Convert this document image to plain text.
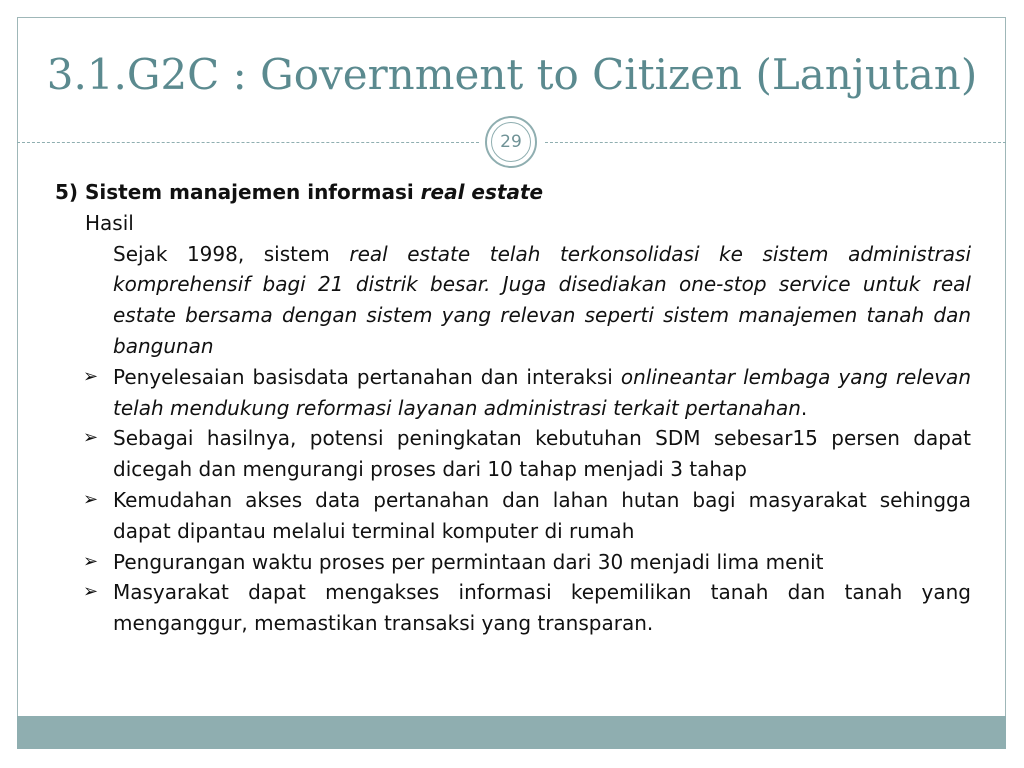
3.1.G2C : Government to Citizen (Lanjutan)
29
5) Sistem manajemen informasi real estate
Hasil
Sejak 1998, sistem real estate telah terkonsolidasi ke sistem administrasi komprehensif bagi 21 distrik besar. Juga disediakan one-stop service untuk real estate bersama dengan sistem yang relevan seperti sistem manajemen tanah dan bangunan
➢ Penyelesaian basisdata pertanahan dan interaksi onlineantar lembaga yang relevan telah mendukung reformasi layanan administrasi terkait pertanahan.
➢ Sebagai hasilnya, potensi peningkatan kebutuhan SDM sebesar15 persen dapat dicegah dan mengurangi proses dari 10 tahap menjadi 3 tahap
➢ Kemudahan akses data pertanahan dan lahan hutan bagi masyarakat sehingga dapat dipantau melalui terminal komputer di rumah
➢ Pengurangan waktu proses per permintaan dari 30 menjadi lima menit
➢ Masyarakat dapat mengakses informasi kepemilikan tanah dan tanah yang menganggur, memastikan transaksi yang transparan.
